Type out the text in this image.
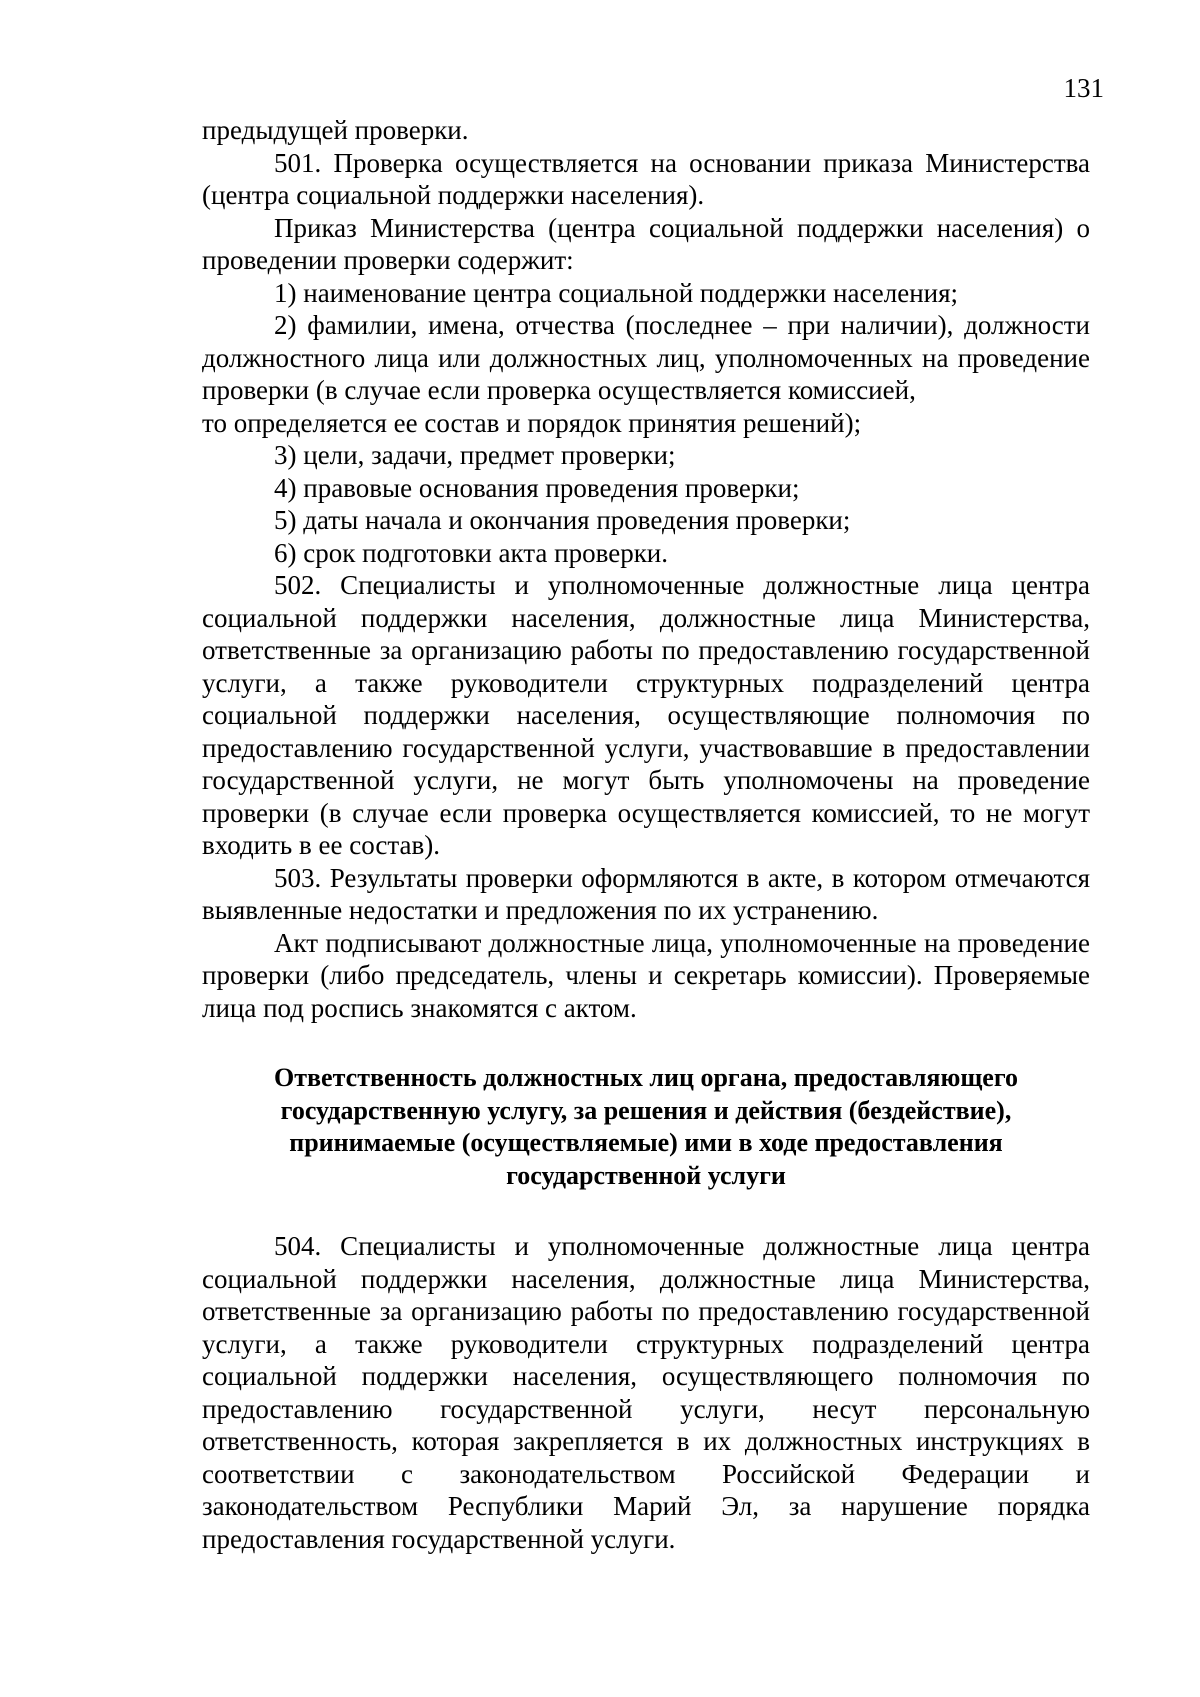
131

предыдущей проверки.

501. Проверка осуществляется на основании приказа Министерства (центра социальной поддержки населения).

Приказ Министерства (центра социальной поддержки населения) о проведении проверки содержит:

1) наименование центра социальной поддержки населения;

2) фамилии, имена, отчества (последнее – при наличии), должности должностного лица или должностных лиц, уполномоченных на проведение проверки (в случае если проверка осуществляется комиссией,

то определяется ее состав и порядок принятия решений);

3) цели, задачи, предмет проверки;

4) правовые основания проведения проверки;

5) даты начала и окончания проведения проверки;

6) срок подготовки акта проверки.

502. Специалисты и уполномоченные должностные лица центра социальной поддержки населения, должностные лица Министерства, ответственные за организацию работы по предоставлению государственной услуги, а также руководители структурных подразделений центра социальной поддержки населения, осуществляющие полномочия по предоставлению государственной услуги, участвовавшие в предоставлении государственной услуги, не могут быть уполномочены на проведение проверки (в случае если проверка осуществляется комиссией, то не могут входить в ее состав).

503. Результаты проверки оформляются в акте, в котором отмечаются выявленные недостатки и предложения по их устранению.

Акт подписывают должностные лица, уполномоченные на проведение проверки (либо председатель, члены и секретарь комиссии). Проверяемые лица под роспись знакомятся с актом.

Ответственность должностных лиц органа, предоставляющего государственную услугу, за решения и действия (бездействие), принимаемые (осуществляемые) ими в ходе предоставления государственной услуги

504. Специалисты и уполномоченные должностные лица центра социальной поддержки населения, должностные лица Министерства, ответственные за организацию работы по предоставлению государственной услуги, а также руководители структурных подразделений центра социальной поддержки населения, осуществляющего полномочия по предоставлению государственной услуги, несут персональную ответственность, которая закрепляется в их должностных инструкциях в соответствии с законодательством Российской Федерации и законодательством Республики Марий Эл, за нарушение порядка предоставления государственной услуги.
